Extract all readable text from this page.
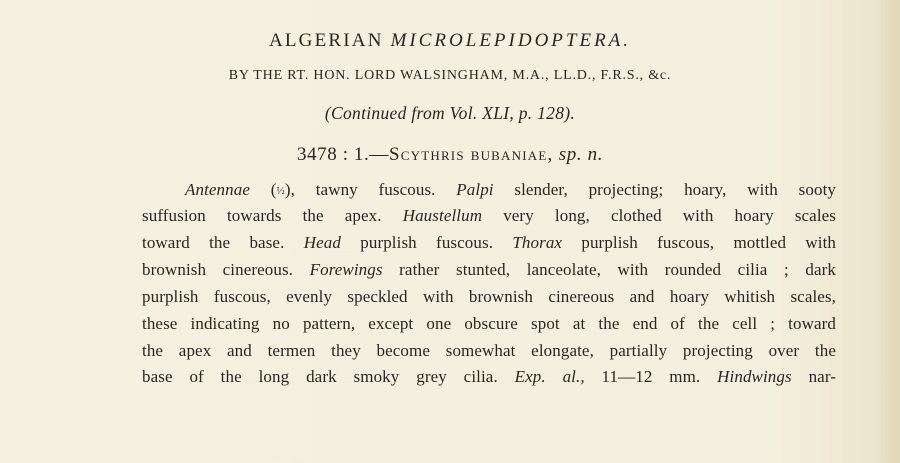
ALGERIAN MICROLEPIDOPTERA.
BY THE RT. HON. LORD WALSINGHAM, M.A., LL.D., F.R.S., &c.
(Continued from Vol. XLI, p. 128).
3478 : 1.—Scythris bubaniae, sp. n.
Antennae (½), tawny fuscous. Palpi slender, projecting; hoary, with sooty
suffusion towards the apex. Haustellum very long, clothed with hoary scales
toward the base. Head purplish fuscous. Thorax purplish fuscous, mottled with
brownish cinereous. Forewings rather stunted, lanceolate, with rounded cilia ; dark
purplish fuscous, evenly speckled with brownish cinereous and hoary whitish scales,
these indicating no pattern, except one obscure spot at the end of the cell ; toward
the apex and termen they become somewhat elongate, partially projecting over the
base of the long dark smoky grey cilia. Exp. al., 11—12 mm. Hindwings nar-
